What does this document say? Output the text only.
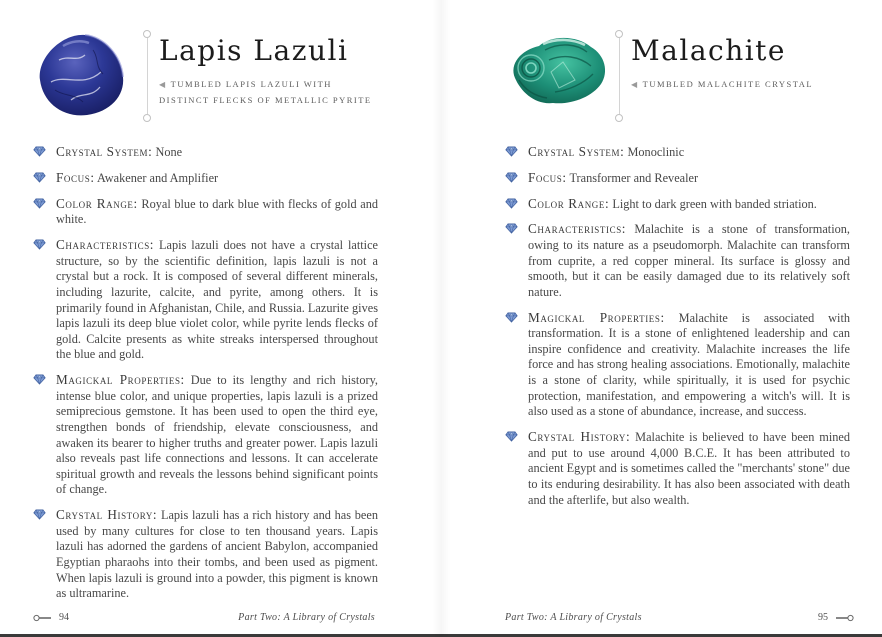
Lapis Lazuli

◀ TUMBLED LAPIS LAZULI WITH DISTINCT FLECKS OF METALLIC PYRITE

Crystal System: None
Focus: Awakener and Amplifier
Color Range: Royal blue to dark blue with flecks of gold and white.
Characteristics: Lapis lazuli does not have a crystal lattice structure, so by the scientific definition, lapis lazuli is not a crystal but a rock. It is composed of several different minerals, including lazurite, calcite, and pyrite, among others. It is primarily found in Afghanistan, Chile, and Russia. Lazurite gives lapis lazuli its deep blue violet color, while pyrite lends flecks of gold. Calcite presents as white streaks interspersed throughout the blue and gold.
Magickal Properties: Due to its lengthy and rich history, intense blue color, and unique properties, lapis lazuli is a prized semiprecious gemstone. It has been used to open the third eye, strengthen bonds of friendship, elevate consciousness, and awaken its bearer to higher truths and greater power. Lapis lazuli also reveals past life connections and lessons. It can accelerate spiritual growth and reveals the lessons behind significant points of change.
Crystal History: Lapis lazuli has a rich history and has been used by many cultures for close to ten thousand years. Lapis lazuli has adorned the gardens of ancient Babylon, accompanied Egyptian pharaohs into their tombs, and been used as pigment. When lapis lazuli is ground into a powder, this pigment is known as ultramarine.
94	Part Two: A Library of Crystals
Malachite

◀ TUMBLED MALACHITE CRYSTAL

Crystal System: Monoclinic
Focus: Transformer and Revealer
Color Range: Light to dark green with banded striation.
Characteristics: Malachite is a stone of transformation, owing to its nature as a pseudomorph. Malachite can transform from cuprite, a red copper mineral. Its surface is glossy and smooth, but it can be easily damaged due to its relatively soft nature.
Magickal Properties: Malachite is associated with transformation. It is a stone of enlightened leadership and can inspire confidence and creativity. Malachite increases the life force and has strong healing associations. Emotionally, malachite is a stone of clarity, while spiritually, it is used for psychic protection, manifestation, and empowering a witch's will. It is also used as a stone of abundance, increase, and success.
Crystal History: Malachite is believed to have been mined and put to use around 4,000 B.C.E. It has been attributed to ancient Egypt and is sometimes called the "merchants' stone" due to its enduring desirability. It has also been associated with death and the afterlife, but also wealth.
Part Two: A Library of Crystals	95
